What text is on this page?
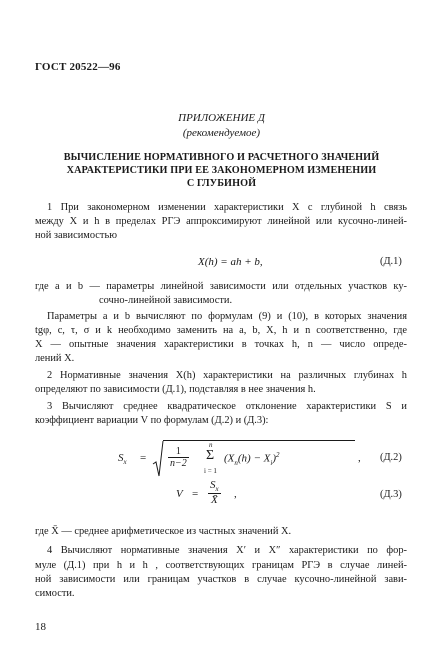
ГОСТ 20522—96
ПРИЛОЖЕНИЕ Д
(рекомендуемое)
ВЫЧИСЛЕНИЕ НОРМАТИВНОГО И РАСЧЕТНОГО ЗНАЧЕНИЙ
ХАРАКТЕРИСТИКИ ПРИ ЕЕ ЗАКОНОМЕРНОМ ИЗМЕНЕНИИ
С ГЛУБИНОЙ
1 При закономерном изменении характеристики X с глубиной h связь
между X и h в пределах РГЭ аппроксимируют линейной или кусочно-линей-
ной зависимостью
X(h) = ah + b,	(Д.1)
где a и b — параметры линейной зависимости или отдельных участков ку-
сочно-линейной зависимости.
Параметры a и b вычисляют по формулам (9) и (10), в которых значения
tgφ, c, τ, σ и k необходимо заменить на a, b, X, h и n соответственно, где
X — опытные значения характеристики в точках h, n — число опреде-
лений X.
2 Нормативные значения X(h) характеристики на различных глубинах h
определяют по зависимости (Д.1), подставляя в нее значения h.
3 Вычисляют среднее квадратическое отклонение характеристики S и
коэффициент вариации V по формулам (Д.2) и (Д.3):
$S_x = \frac{1}{n-2}$
n
Σ
i = 1
$(X_n(h) - X_i)^2$	, (Д.2)
$V = \frac{S_x}{X̄}$ ,	(Д.3)
где X̄ — среднее арифметическое из частных значений X.
4 Вычисляют нормативные значения X′ и X″ характеристики по фор-
муле (Д.1) при h и h , соответствующих границам РГЭ в случае линей-
ной зависимости или границам участков в случае кусочно-линейной зави-
симости.
18
